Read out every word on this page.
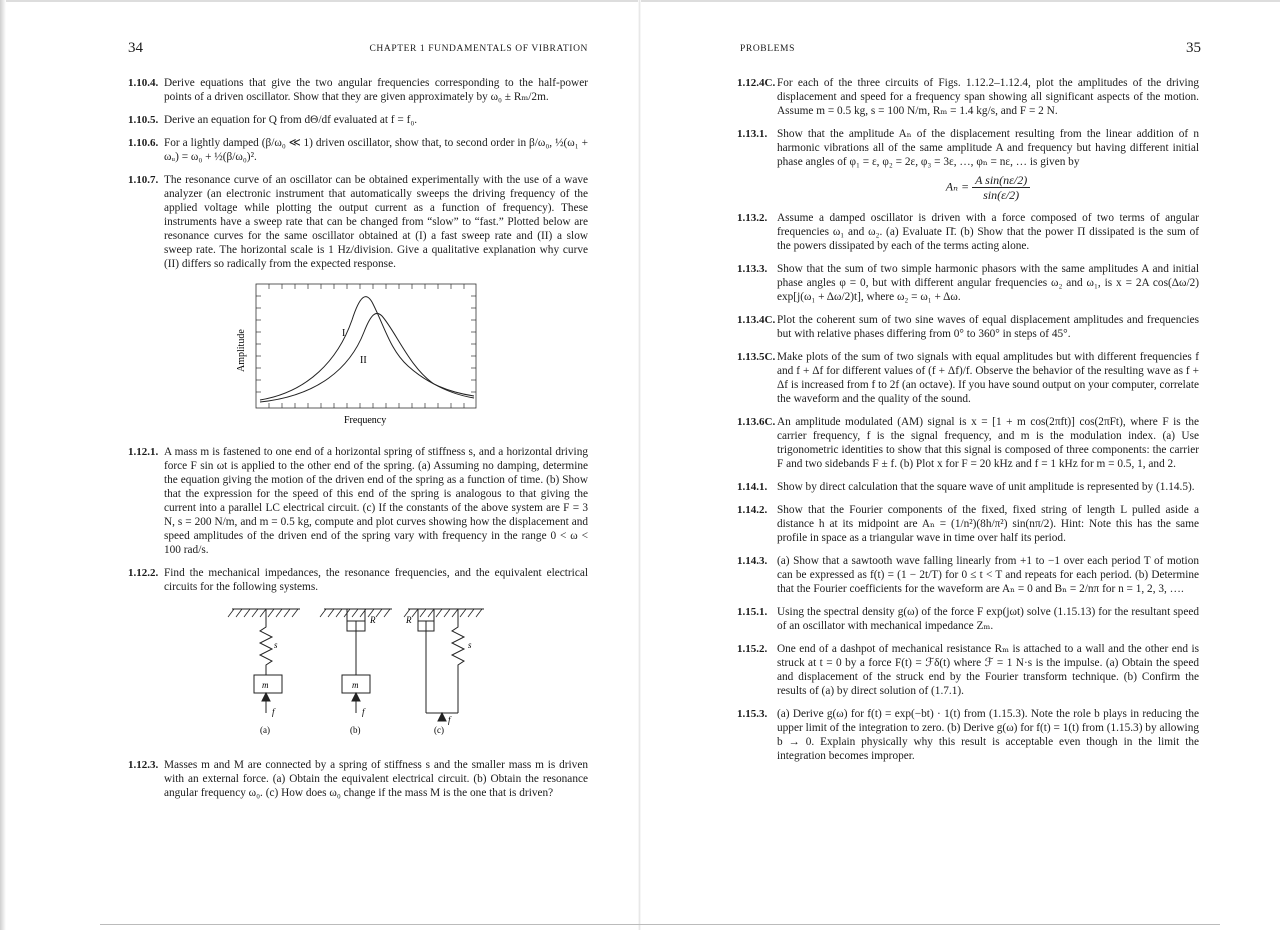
34	CHAPTER 1 FUNDAMENTALS OF VIBRATION
1.10.4. Derive equations that give the two angular frequencies corresponding to the half-power points of a driven oscillator. Show that they are given approximately by ω₀ ± Rₘ/2m.
1.10.5. Derive an equation for Q from dΘ/df evaluated at f = f₀.
1.10.6. For a lightly damped (β/ω₀ ≪ 1) driven oscillator, show that, to second order in β/ω₀, ½(ω₁ + ωᵤ) = ω₀ + ½(β/ω₀)².
1.10.7. The resonance curve of an oscillator can be obtained experimentally with the use of a wave analyzer (an electronic instrument that automatically sweeps the driving frequency of the applied voltage while plotting the output current as a function of frequency). These instruments have a sweep rate that can be changed from “slow” to “fast.” Plotted below are resonance curves for the same oscillator obtained at (I) a fast sweep rate and (II) a slow sweep rate. The horizontal scale is 1 Hz/division. Give a qualitative explanation why curve (II) differs so radically from the expected response.
I
II
Amplitude
Frequency
1.12.1. A mass m is fastened to one end of a horizontal spring of stiffness s, and a horizontal driving force F sin ωt is applied to the other end of the spring. (a) Assuming no damping, determine the equation giving the motion of the driven end of the spring as a function of time. (b) Show that the expression for the speed of this end of the spring is analogous to that giving the current into a parallel LC electrical circuit. (c) If the constants of the above system are F = 3 N, s = 200 N/m, and m = 0.5 kg, compute and plot curves showing how the displacement and speed amplitudes of the driven end of the spring vary with frequency in the range 0 < ω < 100 rad/s.
1.12.2. Find the mechanical impedances, the resonance frequencies, and the equivalent electrical circuits for the following systems.
s
m
f
(a)
R
m
f
(b)
R
s
f
(c)
1.12.3. Masses m and M are connected by a spring of stiffness s and the smaller mass m is driven with an external force. (a) Obtain the equivalent electrical circuit. (b) Obtain the resonance angular frequency ω₀. (c) How does ω₀ change if the mass M is the one that is driven?
PROBLEMS	35
1.12.4C. For each of the three circuits of Figs. 1.12.2–1.12.4, plot the amplitudes of the driving displacement and speed for a frequency span showing all significant aspects of the motion. Assume m = 0.5 kg, s = 100 N/m, Rₘ = 1.4 kg/s, and F = 2 N.
1.13.1. Show that the amplitude Aₙ of the displacement resulting from the linear addition of n harmonic vibrations all of the same amplitude A and frequency but having different initial phase angles of φ₁ = ε, φ₂ = 2ε, φ₃ = 3ε, …, φₙ = nε, … is given by
$A_n = \frac{\text{A sin(nε/2)}}{\sin(\varepsilon/2)}$
1.13.2. Assume a damped oscillator is driven with a force composed of two terms of angular frequencies ω₁ and ω₂. (a) Evaluate Π̄. (b) Show that the power Π dissipated is the sum of the powers dissipated by each of the terms acting alone.
1.13.3. Show that the sum of two simple harmonic phasors with the same amplitudes A and initial phase angles φ = 0, but with different angular frequencies ω₂ and ω₁, is x = 2A cos(Δω/2) exp[j(ω₁ + Δω/2)t], where ω₂ = ω₁ + Δω.
1.13.4C. Plot the coherent sum of two sine waves of equal displacement amplitudes and frequencies but with relative phases differing from 0° to 360° in steps of 45°.
1.13.5C. Make plots of the sum of two signals with equal amplitudes but with different frequencies f and f + Δf for different values of (f + Δf)/f. Observe the behavior of the resulting wave as f + Δf is increased from f to 2f (an octave). If you have sound output on your computer, correlate the waveform and the quality of the sound.
1.13.6C. An amplitude modulated (AM) signal is x = [1 + m cos(2πft)] cos(2πFt), where F is the carrier frequency, f is the signal frequency, and m is the modulation index. (a) Use trigonometric identities to show that this signal is composed of three components: the carrier F and two sidebands F ± f. (b) Plot x for F = 20 kHz and f = 1 kHz for m = 0.5, 1, and 2.
1.14.1. Show by direct calculation that the square wave of unit amplitude is represented by (1.14.5).
1.14.2. Show that the Fourier components of the fixed, fixed string of length L pulled aside a distance h at its midpoint are Aₙ = (1/n²)(8h/π²) sin(nπ/2). Hint: Note this has the same profile in space as a triangular wave in time over half its period.
1.14.3. (a) Show that a sawtooth wave falling linearly from +1 to −1 over each period T of motion can be expressed as f(t) = (1 − 2t/T) for 0 ≤ t < T and repeats for each period. (b) Determine that the Fourier coefficients for the waveform are Aₙ = 0 and Bₙ = 2/nπ for n = 1, 2, 3, ….
1.15.1. Using the spectral density g(ω) of the force F exp(jωt) solve (1.15.13) for the resultant speed of an oscillator with mechanical impedance Zₘ.
1.15.2. One end of a dashpot of mechanical resistance Rₘ is attached to a wall and the other end is struck at t = 0 by a force F(t) = ℱδ(t) where ℱ = 1 N·s is the impulse. (a) Obtain the speed and displacement of the struck end by the Fourier transform technique. (b) Confirm the results of (a) by direct solution of (1.7.1).
1.15.3. (a) Derive g(ω) for f(t) = exp(−bt) · 1(t) from (1.15.3). Note the role b plays in reducing the upper limit of the integration to zero. (b) Derive g(ω) for f(t) = 1(t) from (1.15.3) by allowing b → 0. Explain physically why this result is acceptable even though in the limit the integration becomes improper.
